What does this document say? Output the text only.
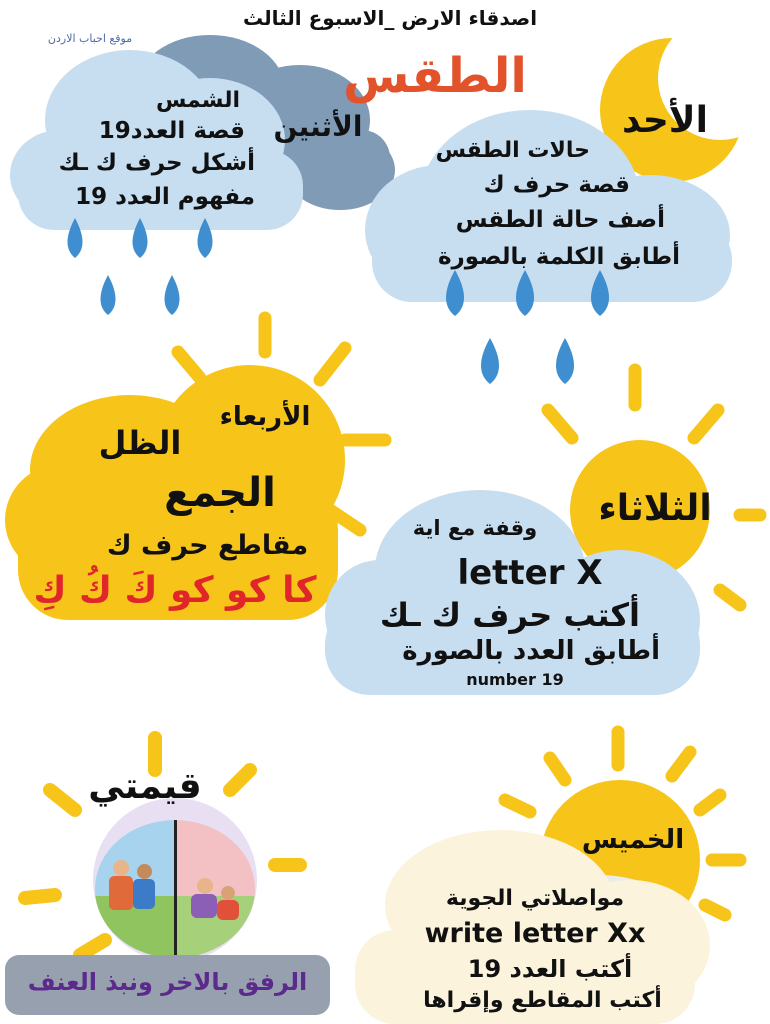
اصدقاء الارض _الاسبوع الثالث
موقع احباب الاردن
الطقس
الأحد
حالات الطقس
قصة حرف ك
أصف حالة الطقس
أطابق الكلمة بالصورة
الأثنين
الشمس
قصة العدد19
أشكل حرف ك ـك
مفهوم العدد 19
الأربعاء
الظل
الجمع
مقاطع حرف ك
كا كو كو كَ كُ كِ
الثلاثاء
وقفة مع اية
letter X
أكتب حرف ك ـك
أطابق العدد بالصورة
number 19
قيمتي
الرفق بالاخر ونبذ العنف
الخميس
مواصلاتي الجوية
write letter Xx
أكتب العدد 19
أكتب المقاطع وإقراها
